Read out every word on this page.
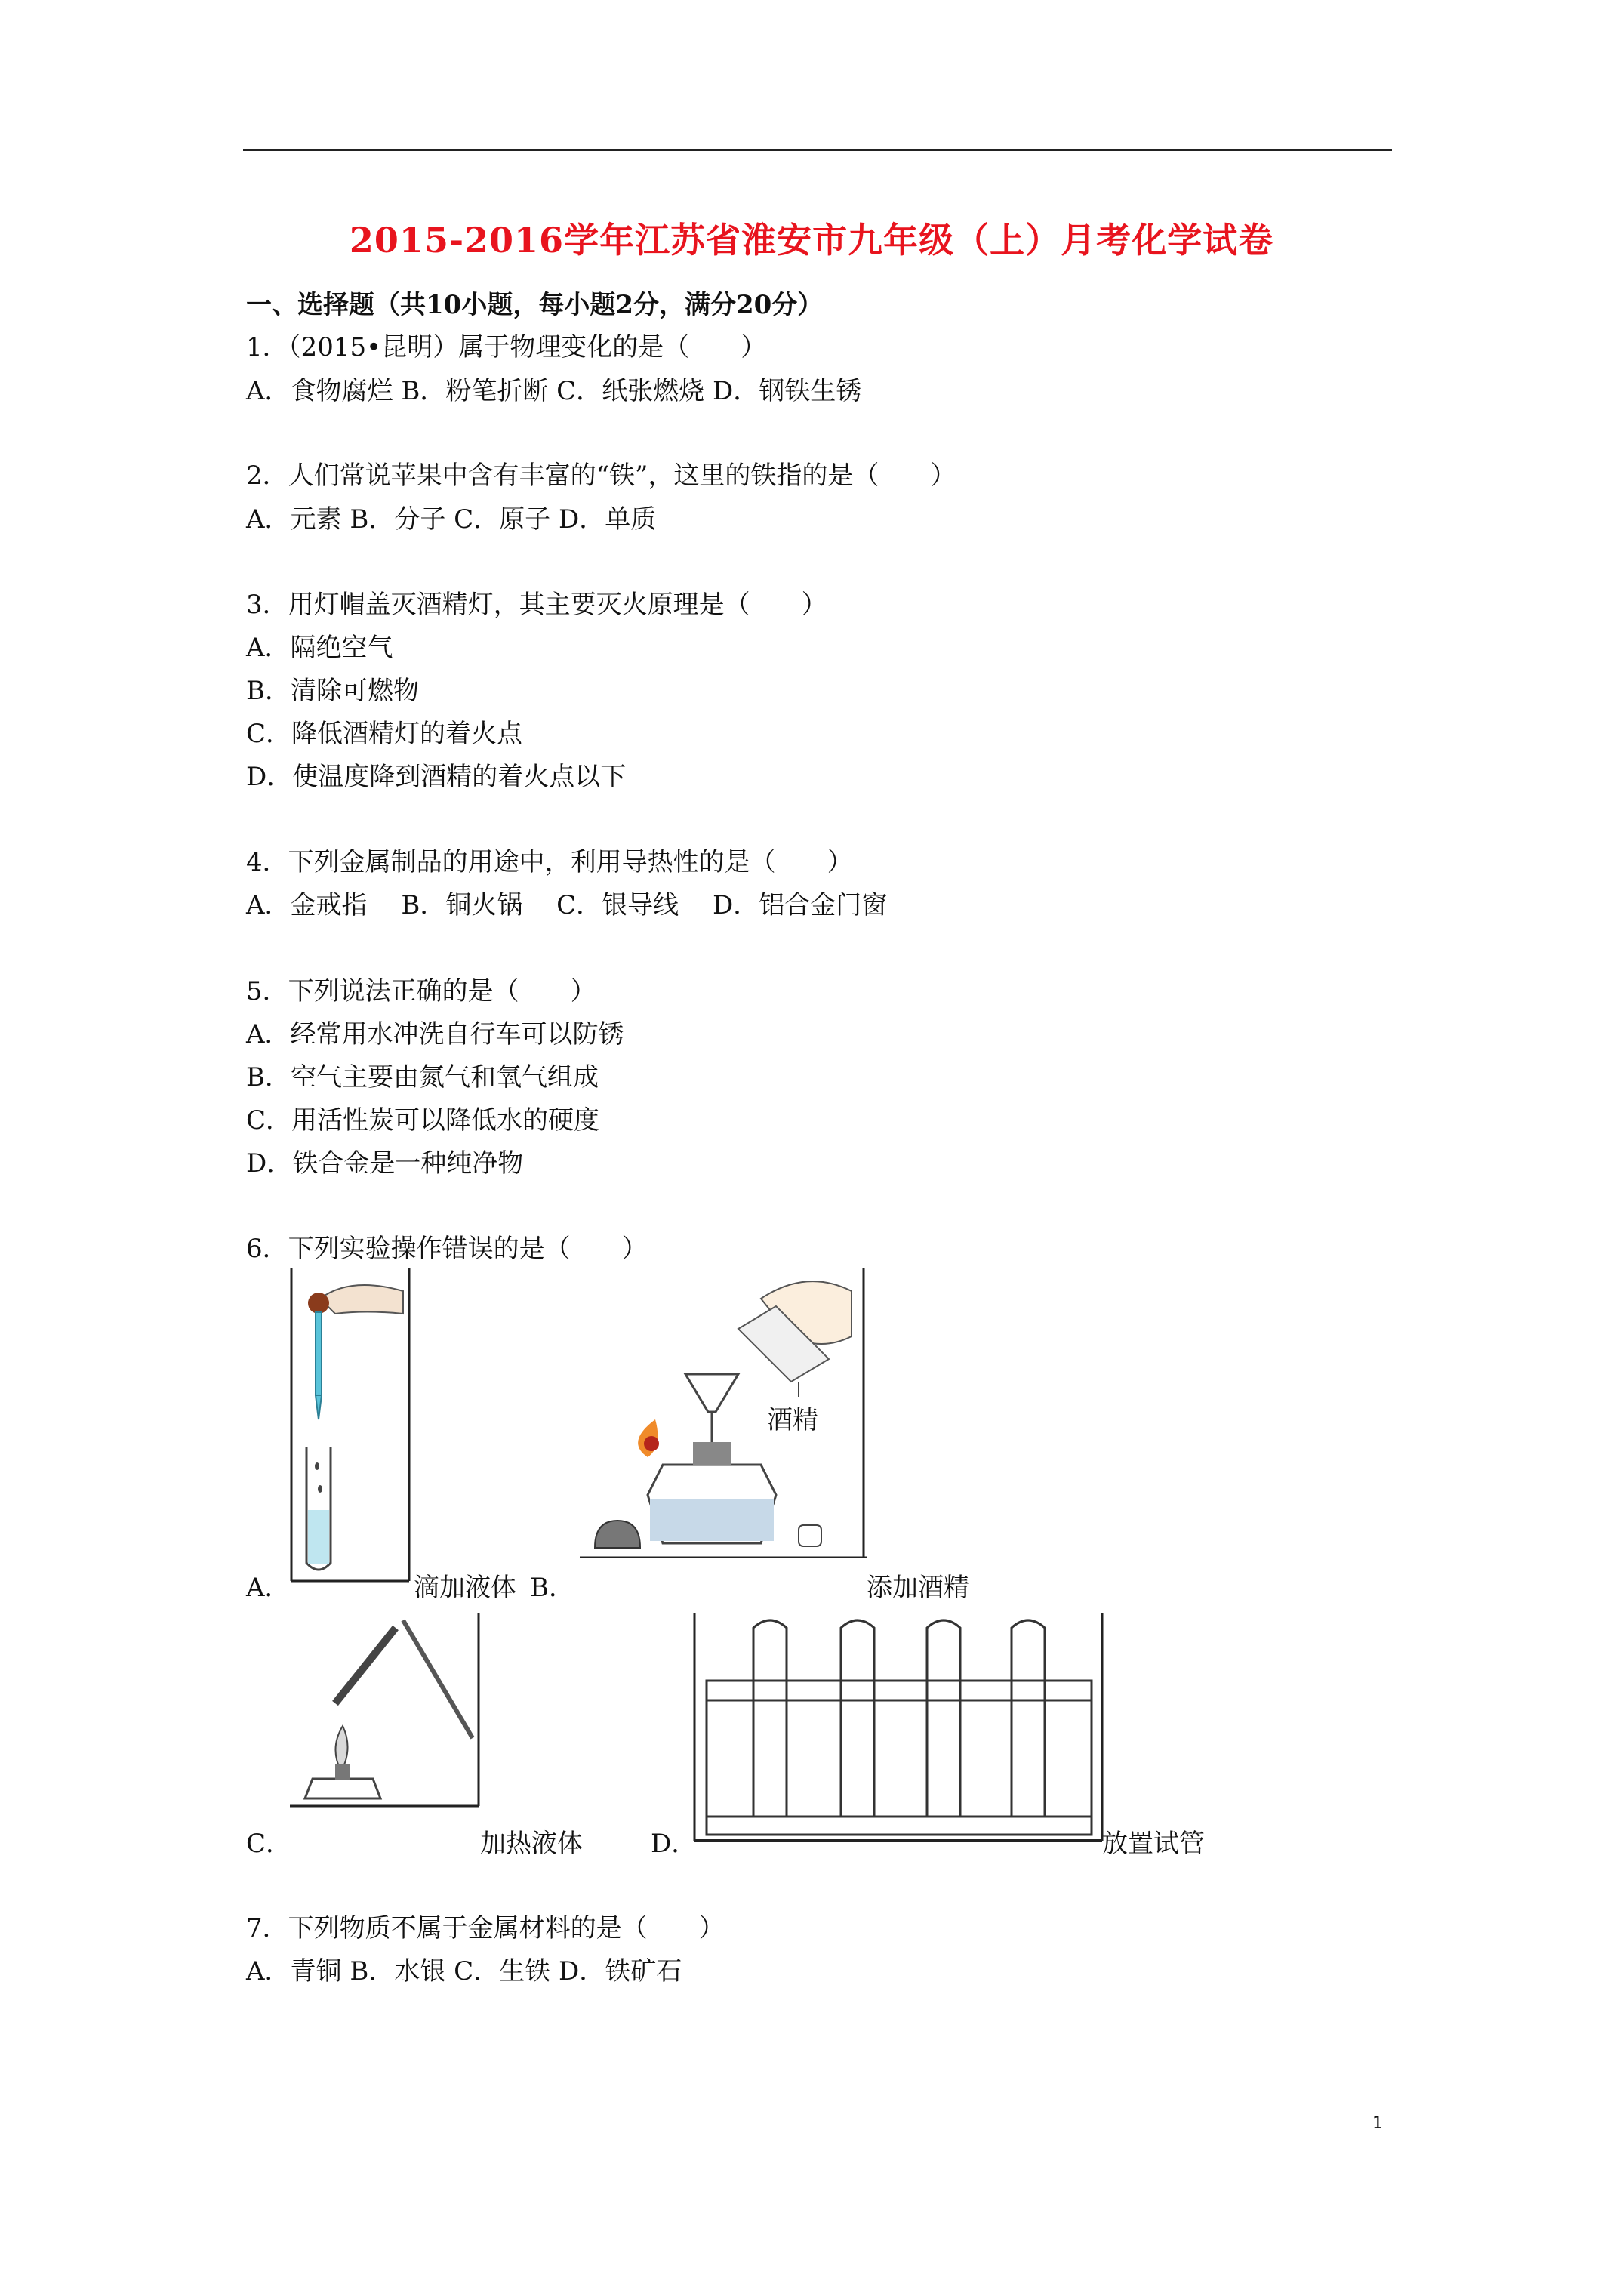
2015-2016学年江苏省淮安市九年级（上）月考化学试卷
一、选择题（共10小题，每小题2分，满分20分）
1．（2015•昆明）属于物理变化的是（　　）
A．食物腐烂 B．粉笔折断 C．纸张燃烧 D．钢铁生锈
2．人们常说苹果中含有丰富的“铁”，这里的铁指的是（　　）
A．元素 B．分子 C．原子 D．单质
3．用灯帽盖灭酒精灯，其主要灭火原理是（　　）
A．隔绝空气
B．清除可燃物
C．降低酒精灯的着火点
D．使温度降到酒精的着火点以下
4．下列金属制品的用途中，利用导热性的是（　　）
A．金戒指　 B．铜火锅　 C．银导线　 D．铝合金门窗
5．下列说法正确的是（　　）
A．经常用水冲洗自行车可以防锈
B．空气主要由氮气和氧气组成
C．用活性炭可以降低水的硬度
D．铁合金是一种纯净物
6．下列实验操作错误的是（　　）
A．	滴加液体 B．
酒精
添加酒精
C．	加热液体	D．	放置试管
7．下列物质不属于金属材料的是（　　）
A．青铜 B．水银 C．生铁 D．铁矿石
1
